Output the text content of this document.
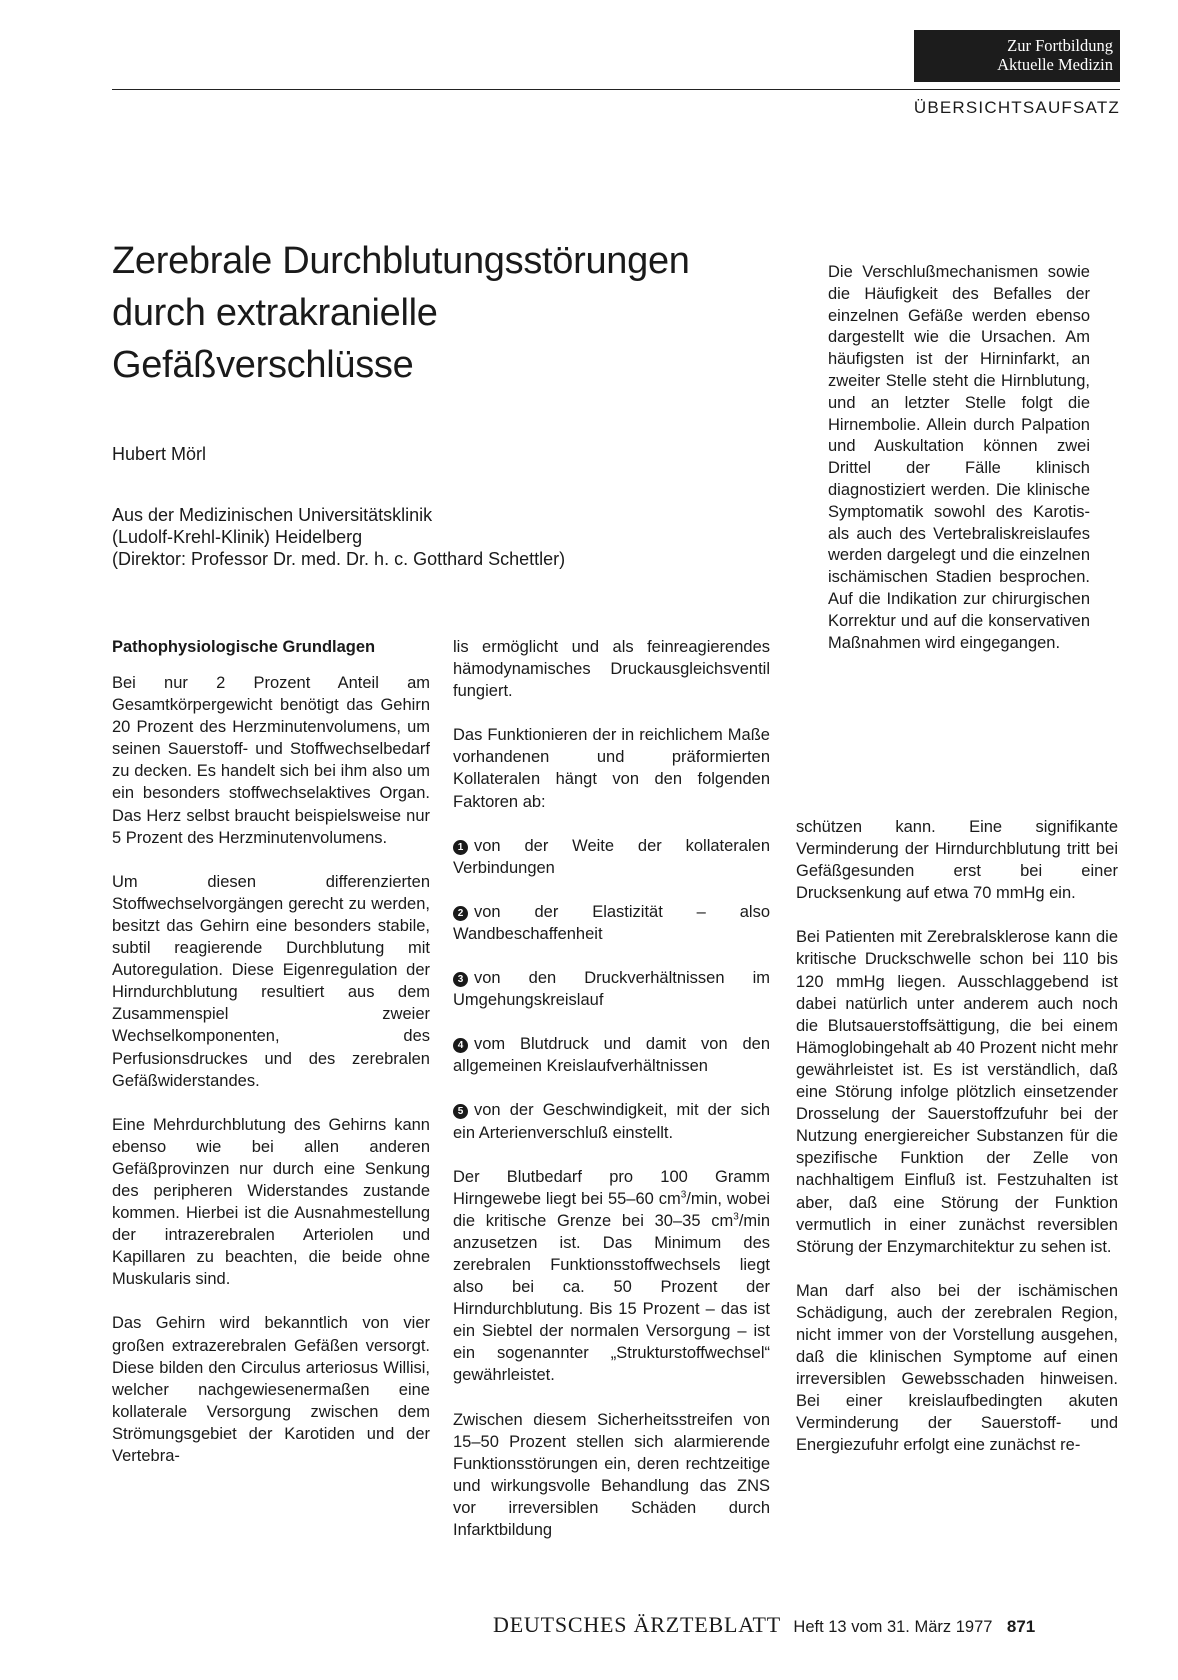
Zur Fortbildung
Aktuelle Medizin
ÜBERSICHTSAUFSATZ
Zerebrale Durchblutungsstörungen
durch extrakranielle
Gefäßverschlüsse
Hubert Mörl
Aus der Medizinischen Universitätsklinik
(Ludolf-Krehl-Klinik) Heidelberg
(Direktor: Professor Dr. med. Dr. h. c. Gotthard Schettler)
Die Verschlußmechanismen sowie die Häufigkeit des Befalles der einzelnen Gefäße werden ebenso dargestellt wie die Ursachen. Am häufigsten ist der Hirninfarkt, an zweiter Stelle steht die Hirnblutung, und an letzter Stelle folgt die Hirnembolie. Allein durch Palpation und Auskultation können zwei Drittel der Fälle klinisch diagnostiziert werden. Die klinische Symptomatik sowohl des Karotis- als auch des Vertebraliskreislaufes werden dargelegt und die einzelnen ischämischen Stadien besprochen. Auf die Indikation zur chirurgischen Korrektur und auf die konservativen Maßnahmen wird eingegangen.
Pathophysiologische Grundlagen

Bei nur 2 Prozent Anteil am Gesamtkörpergewicht benötigt das Gehirn 20 Prozent des Herzminutenvolumens, um seinen Sauerstoff- und Stoffwechselbedarf zu decken. Es handelt sich bei ihm also um ein besonders stoffwechselaktives Organ. Das Herz selbst braucht beispielsweise nur 5 Prozent des Herzminutenvolumens.

Um diesen differenzierten Stoffwechselvorgängen gerecht zu werden, besitzt das Gehirn eine besonders stabile, subtil reagierende Durchblutung mit Autoregulation. Diese Eigenregulation der Hirndurchblutung resultiert aus dem Zusammenspiel zweier Wechselkomponenten, des Perfusionsdruckes und des zerebralen Gefäßwiderstandes.

Eine Mehrdurchblutung des Gehirns kann ebenso wie bei allen anderen Gefäßprovinzen nur durch eine Senkung des peripheren Widerstandes zustande kommen. Hierbei ist die Ausnahmestellung der intrazerebralen Arteriolen und Kapillaren zu beachten, die beide ohne Muskularis sind.

Das Gehirn wird bekanntlich von vier großen extrazerebralen Gefäßen versorgt. Diese bilden den Circulus arteriosus Willisi, welcher nachgewiesenermaßen eine kollaterale Versorgung zwischen dem Strömungsgebiet der Karotiden und der Vertebra-

lis ermöglicht und als feinreagierendes hämodynamisches Druckausgleichsventil fungiert.

Das Funktionieren der in reichlichem Maße vorhandenen und präformierten Kollateralen hängt von den folgenden Faktoren ab:

1 von der Weite der kollateralen Verbindungen

2 von der Elastizität – also Wandbeschaffenheit

3 von den Druckverhältnissen im Umgehungskreislauf

4 vom Blutdruck und damit von den allgemeinen Kreislaufverhältnissen

5 von der Geschwindigkeit, mit der sich ein Arterienverschluß einstellt.

Der Blutbedarf pro 100 Gramm Hirngewebe liegt bei 55–60 $cm^3/\min$, wobei die kritische Grenze bei 30–35 $cm^3/\min$ anzusetzen ist. Das Minimum des zerebralen Funktionsstoffwechsels liegt also bei ca. 50 Prozent der Hirndurchblutung. Bis 15 Prozent – das ist ein Siebtel der normalen Versorgung – ist ein sogenannter „Strukturstoffwechsel“ gewährleistet.

Zwischen diesem Sicherheitsstreifen von 15–50 Prozent stellen sich alarmierende Funktionsstörungen ein, deren rechtzeitige und wirkungsvolle Behandlung das ZNS vor irreversiblen Schäden durch Infarktbildung

schützen kann. Eine signifikante Verminderung der Hirndurchblutung tritt bei Gefäßgesunden erst bei einer Drucksenkung auf etwa 70 mmHg ein.

Bei Patienten mit Zerebralsklerose kann die kritische Druckschwelle schon bei 110 bis 120 mmHg liegen. Ausschlaggebend ist dabei natürlich unter anderem auch noch die Blutsauerstoffsättigung, die bei einem Hämoglobingehalt ab 40 Prozent nicht mehr gewährleistet ist. Es ist verständlich, daß eine Störung infolge plötzlich einsetzender Drosselung der Sauerstoffzufuhr bei der Nutzung energiereicher Substanzen für die spezifische Funktion der Zelle von nachhaltigem Einfluß ist. Festzuhalten ist aber, daß eine Störung der Funktion vermutlich in einer zunächst reversiblen Störung der Enzymarchitektur zu sehen ist.

Man darf also bei der ischämischen Schädigung, auch der zerebralen Region, nicht immer von der Vorstellung ausgehen, daß die klinischen Symptome auf einen irreversiblen Gewebsschaden hinweisen. Bei einer kreislaufbedingten akuten Verminderung der Sauerstoff- und Energiezufuhr erfolgt eine zunächst re-

DEUTSCHES ÄRZTEBLATT Heft 13 vom 31. März 1977 871
